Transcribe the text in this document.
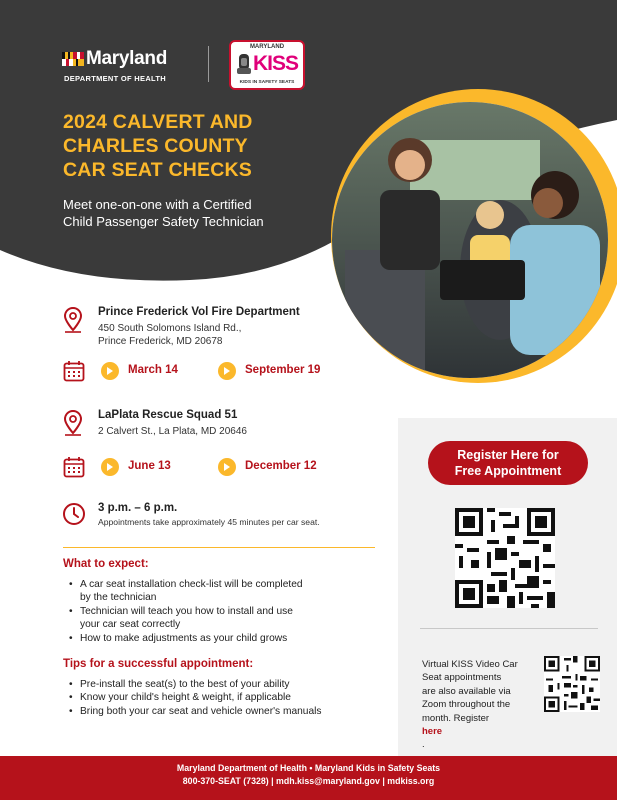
Maryland
DEPARTMENT OF HEALTH
MARYLAND
KISS
KIDS IN SAFETY SEATS
2024 CALVERT AND
CHARLES COUNTY
CAR SEAT CHECKS
Meet one-on-one with a Certified
Child Passenger Safety Technician
Prince Frederick Vol Fire Department
450 South Solomons Island Rd.,
Prince Frederick, MD 20678
March 14	September 19
LaPlata Rescue Squad 51
2 Calvert St., La Plata, MD 20646
June 13	December 12
3 p.m. – 6 p.m.
Appointments take approximately 45 minutes per car seat.
What to expect:
• A car seat installation check-list will be completed
by the technician
• Technician will teach you how to install and use
your car seat correctly
• How to make adjustments as your child grows
Tips for a successful appointment:
• Pre-install the seat(s) to the best of your ability
• Know your child's height & weight, if applicable
• Bring both your car seat and vehicle owner's manuals
Register Here for
Free Appointment
Virtual KISS Video Car
Seat appointments
are also available via
Zoom throughout the
month. Register
here
.
Maryland Department of Health • Maryland Kids in Safety Seats
800-370-SEAT (7328) | mdh.kiss@maryland.gov | mdkiss.org
